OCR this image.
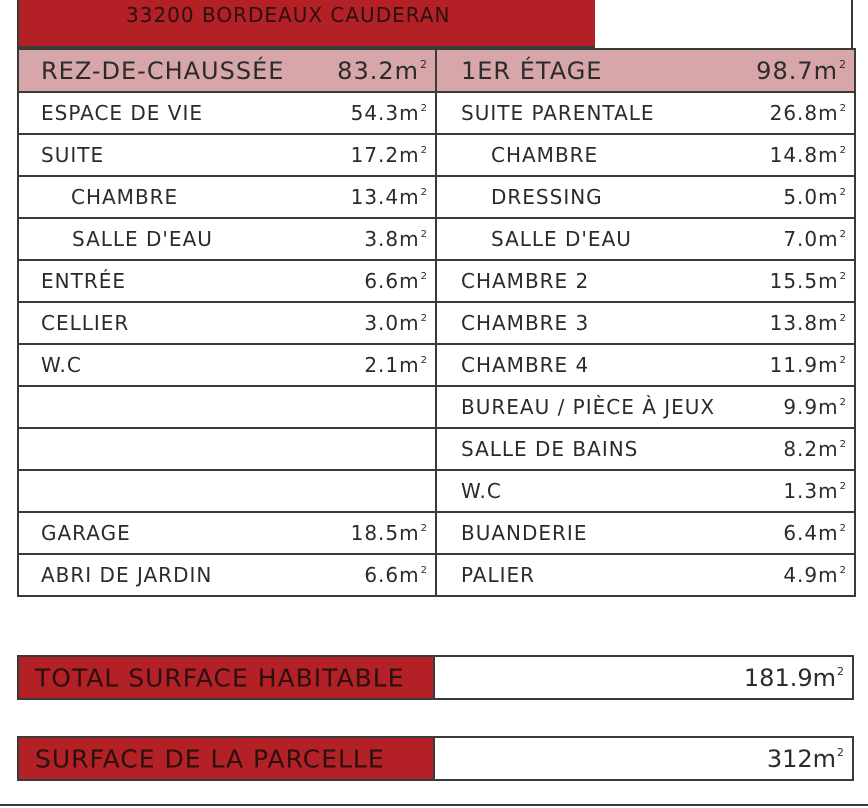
33200 BORDEAUX CAUDERAN
REZ-DE-CHAUSSÉE $83.2m^2$	1ER ÉTAGE $98.7m^2$

ESPACE DE VIE $54.3m^2$	SUITE PARENTALE $26.8m^2$

SUITE $17.2m^2$	CHAMBRE $14.8m^2$

CHAMBRE $13.4m^2$	DRESSING $5.0m^2$

SALLE D'EAU $3.8m^2$	SALLE D'EAU $7.0m^2$

ENTRÉE $6.6m^2$	CHAMBRE 2 $15.5m^2$

CELLIER $3.0m^2$	CHAMBRE 3 $13.8m^2$

W.C $2.1m^2$	CHAMBRE 4 $11.9m^2$

	BUREAU / PIÈCE À JEUX $9.9m^2$

	SALLE DE BAINS $8.2m^2$

	W.C $1.3m^2$

GARAGE $18.5m^2$	BUANDERIE $6.4m^2$

ABRI DE JARDIN $6.6m^2$	PALIER $4.9m^2$
TOTAL SURFACE HABITABLE	181.9m $^2$
SURFACE DE LA PARCELLE	312m $^2$
